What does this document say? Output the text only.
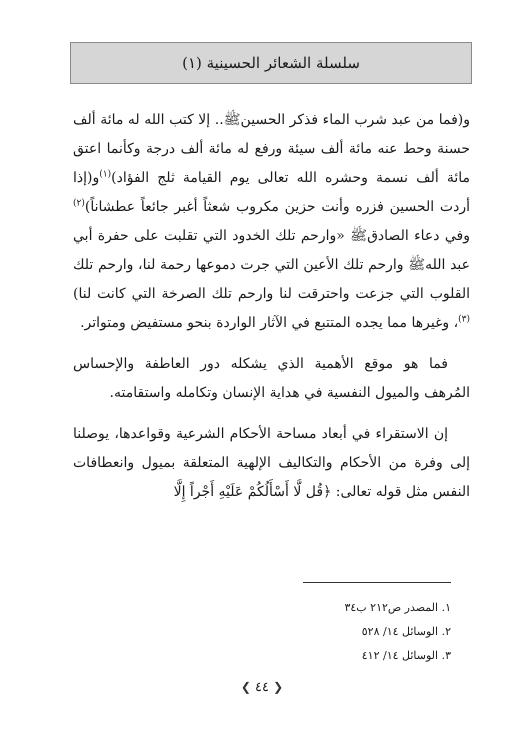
سلسلة الشعائر الحسينية (١)

و(فما من عبد شرب الماء فذكر الحسين‌ﷺ.. إلا كتب الله له مائة ألف حسنة وحط عنه مائة ألف سيئة ورفع له مائة ألف درجة وكأنما اعتق مائة ألف نسمة وحشره الله تعالى يوم القيامة ثلج الفؤاد)$^{(١)}$و(إذا أردت الحسين فزره وأنت حزين مكروب شعثاً أغبر جائعاً عطشاناً)$^{(٢)}$ وفي دعاء الصادق‌ﷺ «وارحم تلك الخدود التي تقلبت على حفرة أبي عبد الله‌ﷺ وارحم تلك الأعين التي جرت دموعها رحمة لنا، وارحم تلك القلوب التي جزعت واحترقت لنا وارحم تلك الصرخة التي كانت لنا)$^{(٣)}$، وغيرها مما يجده المتتبع في الآثار الواردة بنحو مستفيض ومتواتر.

فما هو موقع الأهمية الذي يشكله دور العاطفة والإحساس المُرهف والميول النفسية في هداية الإنسان وتكامله واستقامته.

إن الاستقراء في أبعاد مساحة الأحكام الشرعية وقواعدها، يوصلنا إلى وفرة من الأحكام والتكاليف الإلهية المتعلقة بميول وانعطافات النفس مثل قوله تعالى: ﴿قُل لَّا أَسْأَلُكُمْ عَلَيْهِ أَجْراً إِلَّا

١. المصدر ص٢١٢ ب٣٤
٢. الوسائل ١٤/ ٥٢٨
٣. الوسائل ١٤/ ٤١٢
❮ ٤٤ ❯
